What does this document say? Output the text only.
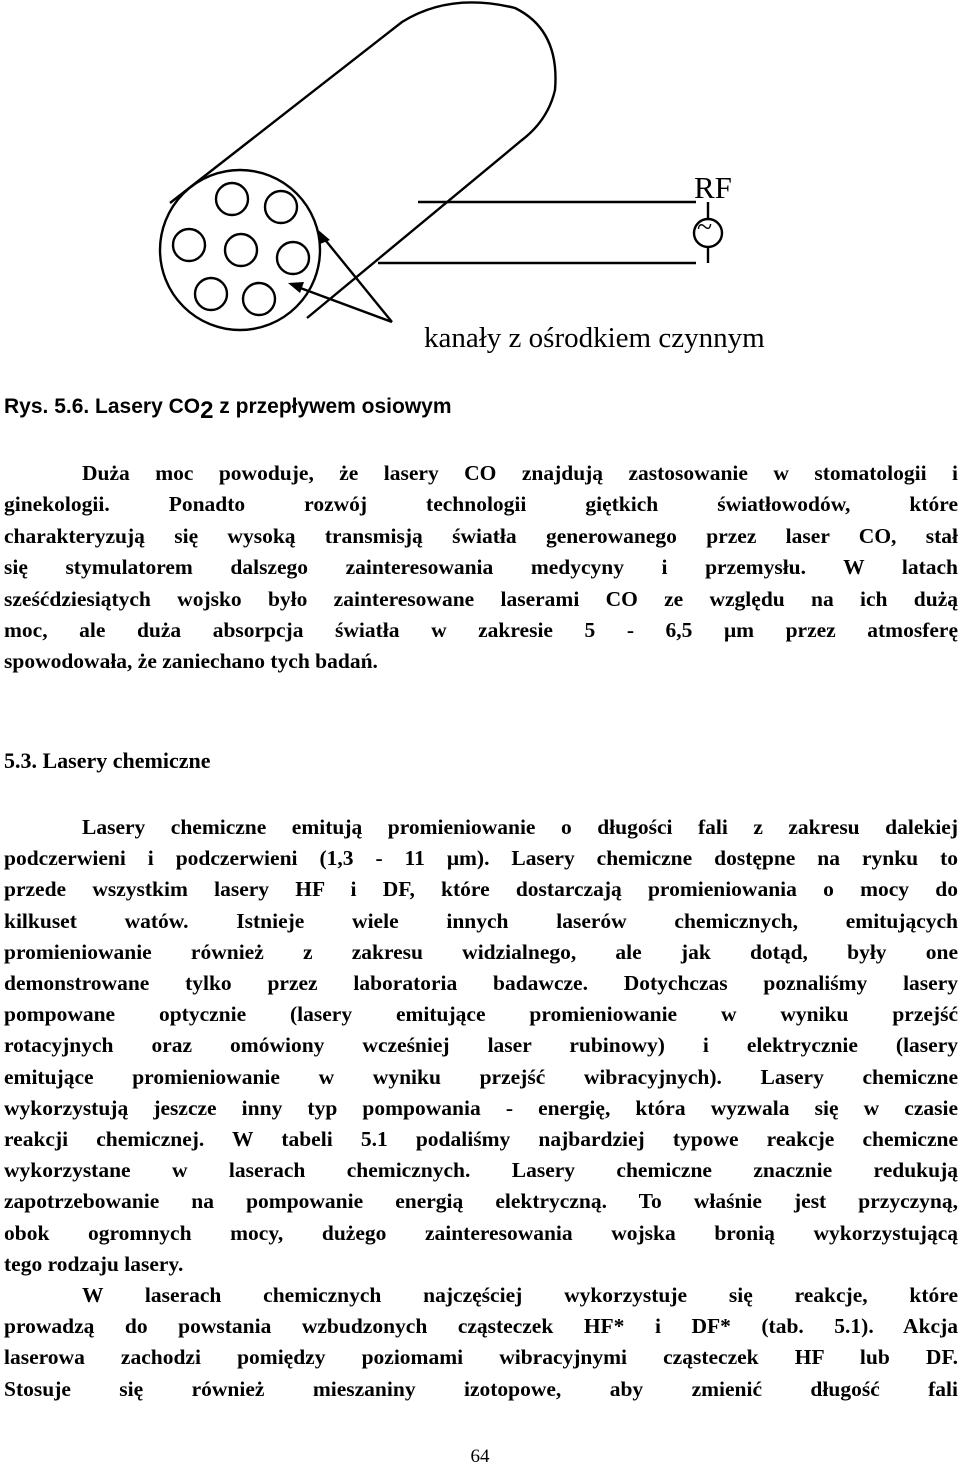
RF
~
kanały z ośrodkiem czynnym
Rys. 5.6. Lasery CO2 z przepływem osiowym
Duża moc powoduje, że lasery CO znajdują zastosowanie w stomatologii i
ginekologii. Ponadto rozwój technologii giętkich światłowodów, które
charakteryzują się wysoką transmisją światła generowanego przez laser CO, stał
się stymulatorem dalszego zainteresowania medycyny i przemysłu. W latach
sześćdziesiątych wojsko było zainteresowane laserami CO ze względu na ich dużą
moc, ale duża absorpcja światła w zakresie 5 - 6,5 μm przez atmosferę
spowodowała, że zaniechano tych badań.
5.3. Lasery chemiczne
Lasery chemiczne emitują promieniowanie o długości fali z zakresu dalekiej
podczerwieni i podczerwieni (1,3 - 11 μm). Lasery chemiczne dostępne na rynku to
przede wszystkim lasery HF i DF, które dostarczają promieniowania o mocy do
kilkuset watów. Istnieje wiele innych laserów chemicznych, emitujących
promieniowanie również z zakresu widzialnego, ale jak dotąd, były one
demonstrowane tylko przez laboratoria badawcze. Dotychczas poznaliśmy lasery
pompowane optycznie (lasery emitujące promieniowanie w wyniku przejść
rotacyjnych oraz omówiony wcześniej laser rubinowy) i elektrycznie (lasery
emitujące promieniowanie w wyniku przejść wibracyjnych). Lasery chemiczne
wykorzystują jeszcze inny typ pompowania - energię, która wyzwala się w czasie
reakcji chemicznej. W tabeli 5.1 podaliśmy najbardziej typowe reakcje chemiczne
wykorzystane w laserach chemicznych. Lasery chemiczne znacznie redukują
zapotrzebowanie na pompowanie energią elektryczną. To właśnie jest przyczyną,
obok ogromnych mocy, dużego zainteresowania wojska bronią wykorzystującą
tego rodzaju lasery.
W laserach chemicznych najczęściej wykorzystuje się reakcje, które
prowadzą do powstania wzbudzonych cząsteczek HF* i DF* (tab. 5.1). Akcja
laserowa zachodzi pomiędzy poziomami wibracyjnymi cząsteczek HF lub DF.
Stosuje się również mieszaniny izotopowe, aby zmienić długość fali
64
